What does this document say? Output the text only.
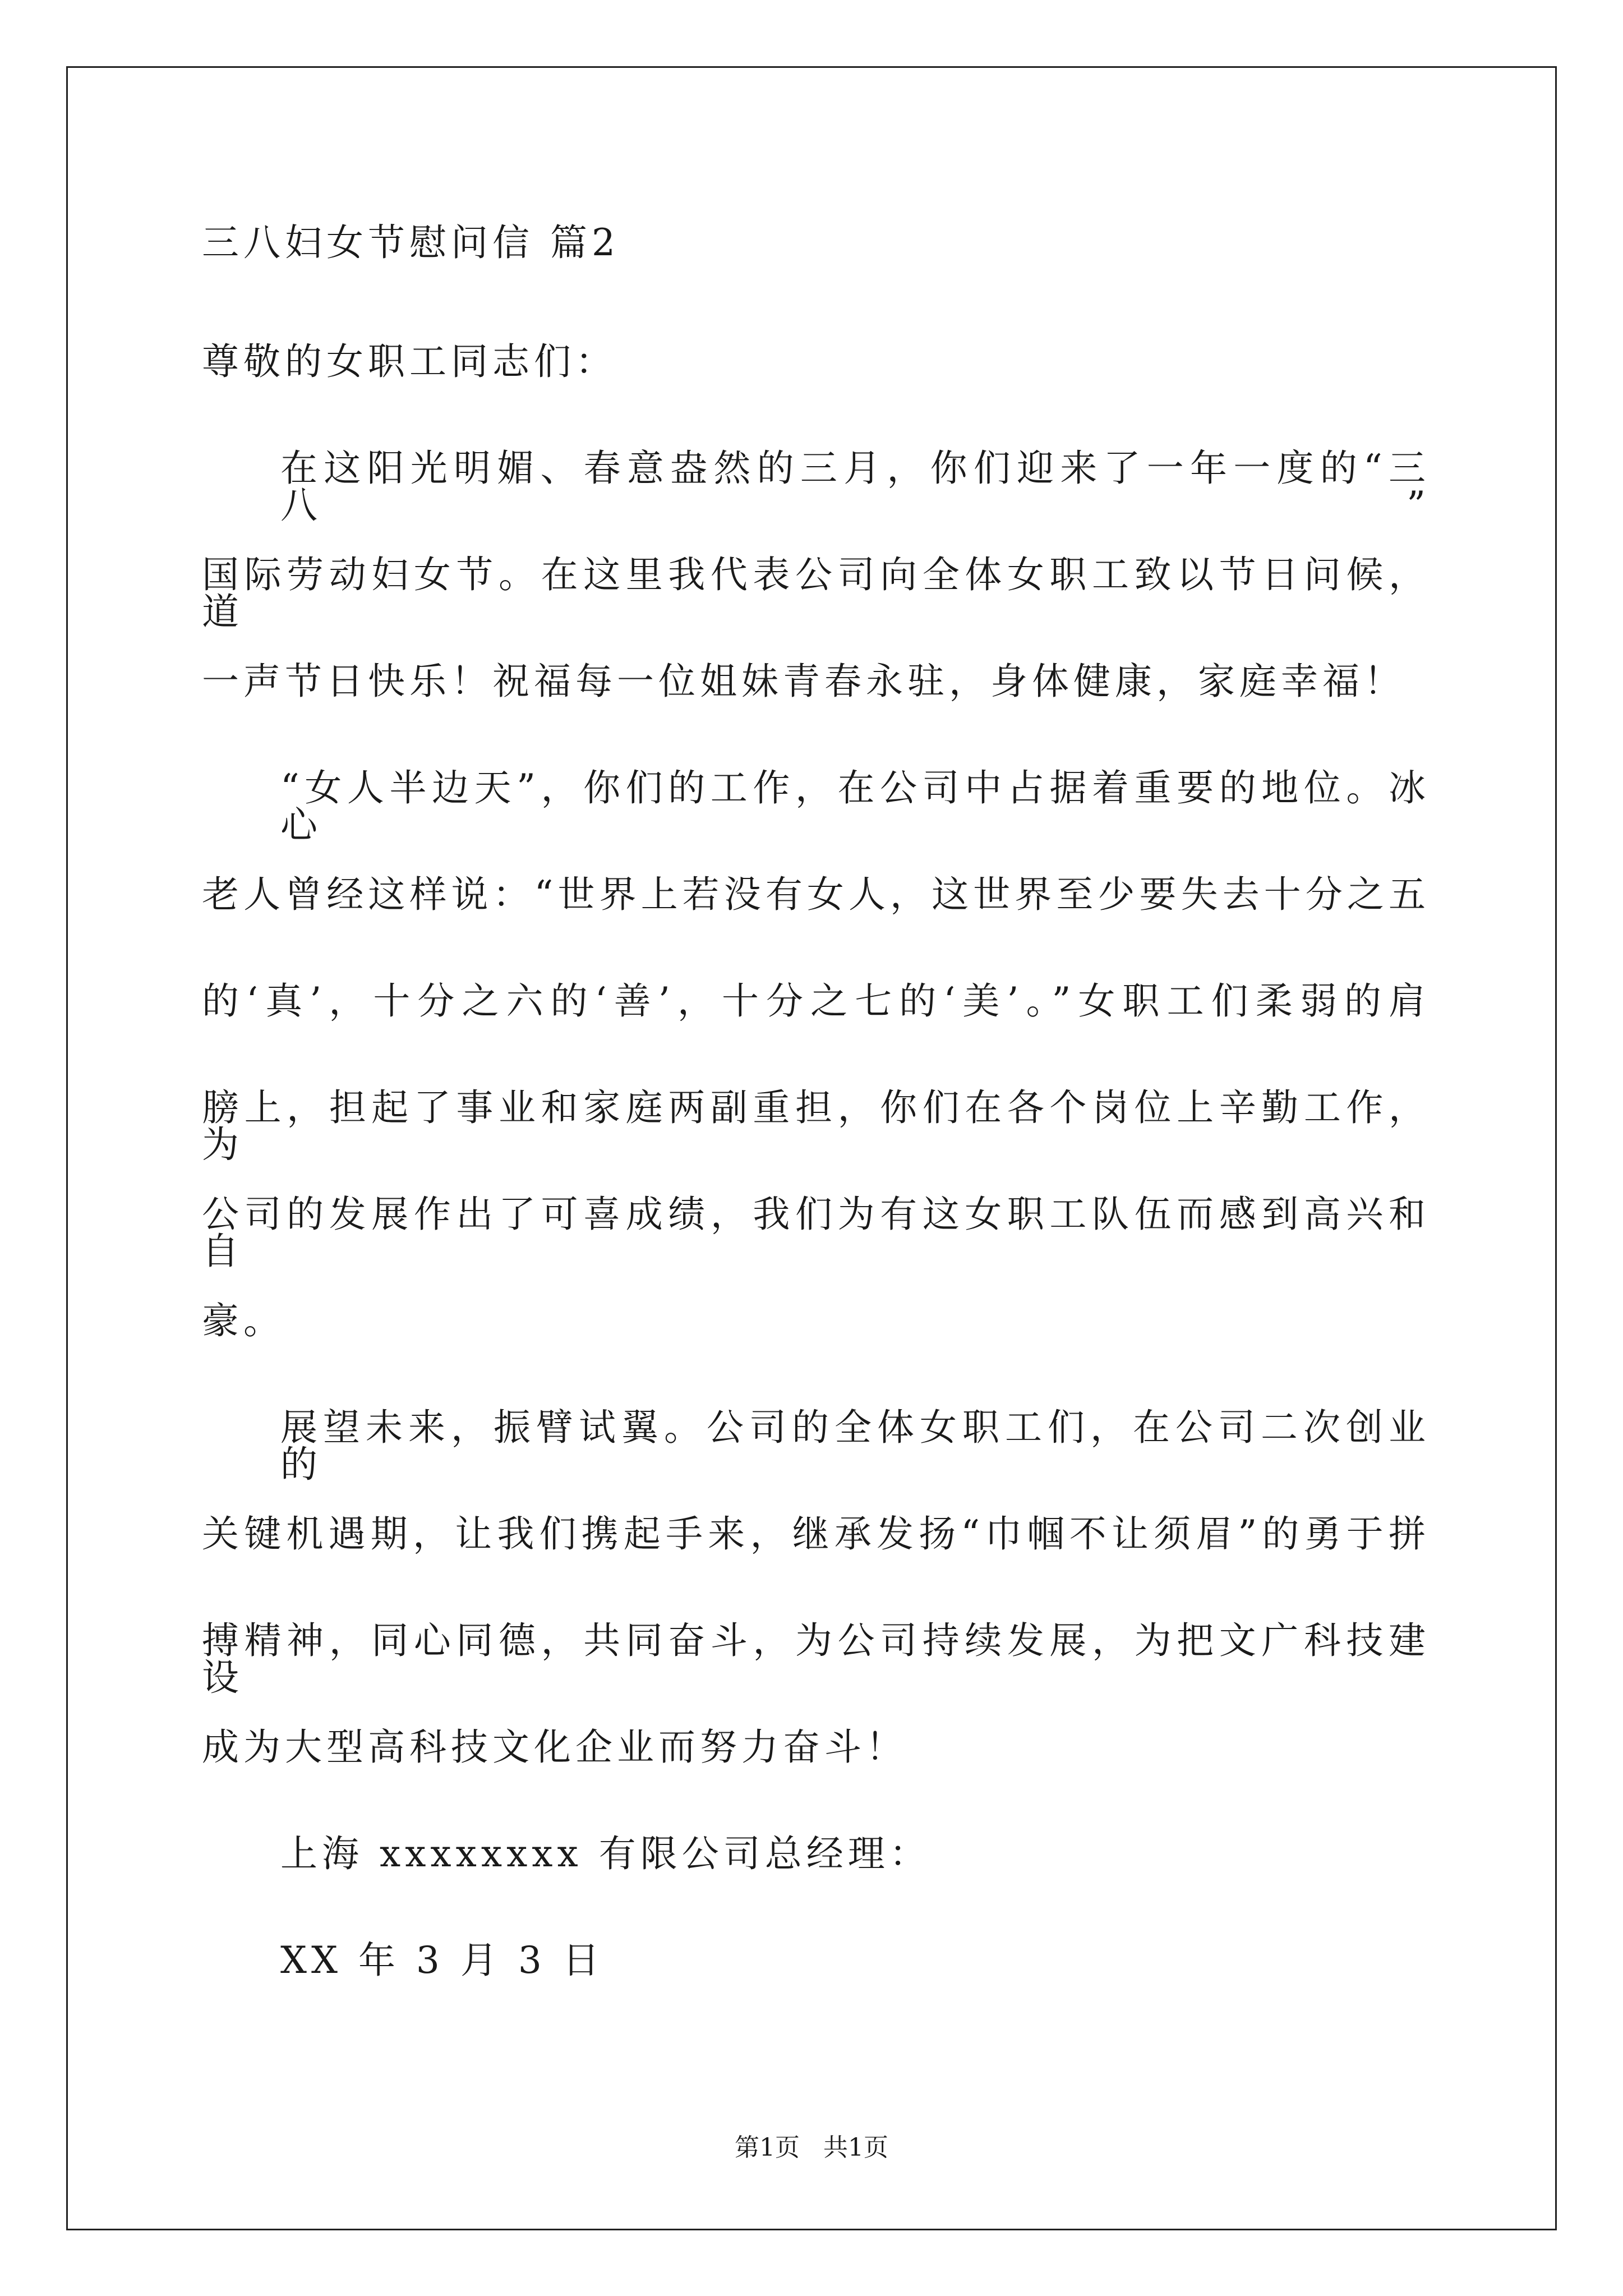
三八妇女节慰问信 篇2
尊敬的女职工同志们：
在这阳光明媚、春意盎然的三月，你们迎来了一年一度的“三八”
国际劳动妇女节。在这里我代表公司向全体女职工致以节日问候，道
一声节日快乐！祝福每一位姐妹青春永驻，身体健康，家庭幸福！
“女人半边天”，你们的工作，在公司中占据着重要的地位。冰心
老人曾经这样说：“世界上若没有女人，这世界至少要失去十分之五
的‘真’，十分之六的‘善’，十分之七的‘美’。”女职工们柔弱的肩
膀上，担起了事业和家庭两副重担，你们在各个岗位上辛勤工作，为
公司的发展作出了可喜成绩，我们为有这女职工队伍而感到高兴和自
豪。
展望未来，振臂试翼。公司的全体女职工们，在公司二次创业的
关键机遇期，让我们携起手来，继承发扬“巾帼不让须眉”的勇于拼
搏精神，同心同德，共同奋斗，为公司持续发展，为把文广科技建设
成为大型高科技文化企业而努力奋斗！
上海 xxxxxxxx 有限公司总经理：
XX 年 3 月 3 日
第1页   共1页
